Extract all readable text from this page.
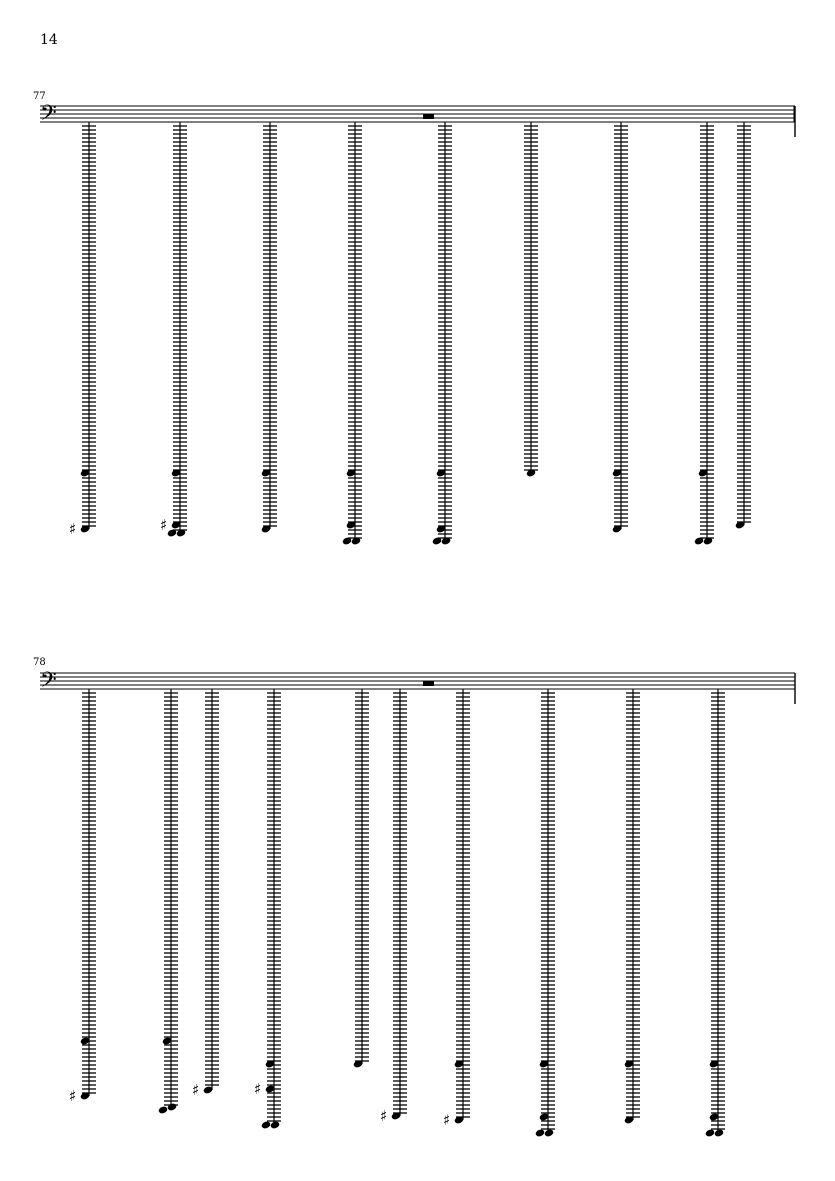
14
77
𝄢
♯	♯
78
𝄢
♯	♯	♯
♯	♯
